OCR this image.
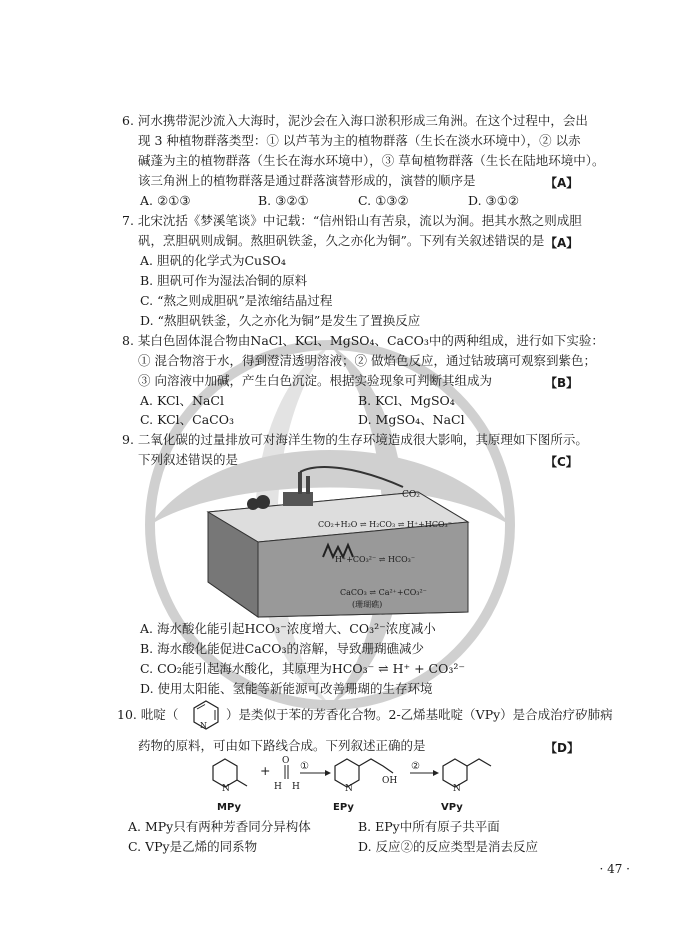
6. 河水携带泥沙流入大海时，泥沙会在入海口淤积形成三角洲。在这个过程中，会出
现 3 种植物群落类型：① 以芦苇为主的植物群落（生长在淡水环境中），② 以赤
碱蓬为主的植物群落（生长在海水环境中），③ 草甸植物群落（生长在陆地环境中）。
该三角洲上的植物群落是通过群落演替形成的，演替的顺序是	【A】
A. ②①③	B. ③②①	C. ①③②	D. ③①②
7. 北宋沈括《梦溪笔谈》中记载：“信州铅山有苦泉，流以为涧。挹其水熬之则成胆
矾，烹胆矾则成铜。熬胆矾铁釜，久之亦化为铜”。下列有关叙述错误的是 【A】
A. 胆矾的化学式为CuSO₄
B. 胆矾可作为湿法冶铜的原料
C. “熬之则成胆矾”是浓缩结晶过程
D. “熬胆矾铁釜，久之亦化为铜”是发生了置换反应
8. 某白色固体混合物由NaCl、KCl、MgSO₄、CaCO₃中的两种组成，进行如下实验：
① 混合物溶于水，得到澄清透明溶液；② 做焰色反应，通过钴玻璃可观察到紫色；
③ 向溶液中加碱，产生白色沉淀。根据实验现象可判断其组成为	【B】
A. KCl、NaCl	B. KCl、MgSO₄
C. KCl、CaCO₃	D. MgSO₄、NaCl
9. 二氧化碳的过量排放可对海洋生物的生存环境造成很大影响，其原理如下图所示。
下列叙述错误的是	【C】
CO₂
CO₂+H₂O ⇌ H₂CO₃ ⇌ H⁺+HCO₃⁻
H⁺+CO₃²⁻ ⇌ HCO₃⁻
CaCO₃ ⇌ Ca²⁺+CO₃²⁻
(珊瑚礁)
A. 海水酸化能引起HCO₃⁻浓度增大、CO₃²⁻浓度减小
B. 海水酸化能促进CaCO₃的溶解，导致珊瑚礁减少
C. CO₂能引起海水酸化，其原理为HCO₃⁻ ⇌ H⁺ + CO₃²⁻
D. 使用太阳能、氢能等新能源可改善珊瑚的生存环境
10. 吡啶（
N
）是类似于苯的芳香化合物。2-乙烯基吡啶（VPy）是合成治疗矽肺病
药物的原料，可由如下路线合成。下列叙述正确的是	【D】
N
+
O
H H
①
N
OH
②
N
MPy	EPy	VPy
A. MPy只有两种芳香同分异构体	B. EPy中所有原子共平面
C. VPy是乙烯的同系物	D. 反应②的反应类型是消去反应
· 47 ·
